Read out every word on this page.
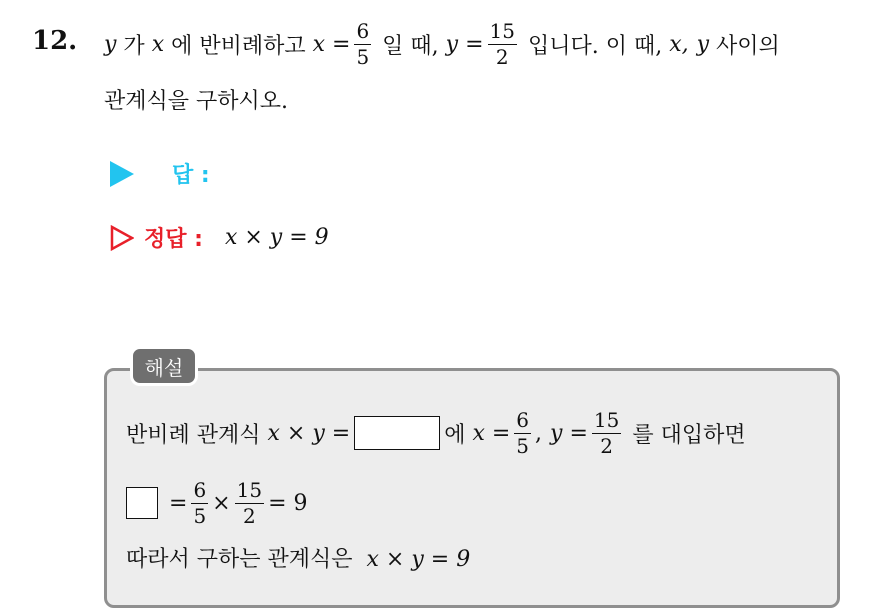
12. y 가 x 에 반비례하고 $x = \frac{6}{5}$ 일 때, $y = \frac{15}{2}$ 입니다. 이 때, x, y 사이의
관계식을 구하시오.
답 :
정답 : x × y = 9
해설
반비례 관계식 x × y =	에 $x = \frac{6}{5}$ , $y = \frac{15}{2}$ 를 대입하면
= $\frac{6}{5} \times \frac{15}{2} = 9$
따라서 구하는 관계식은  x × y = 9
